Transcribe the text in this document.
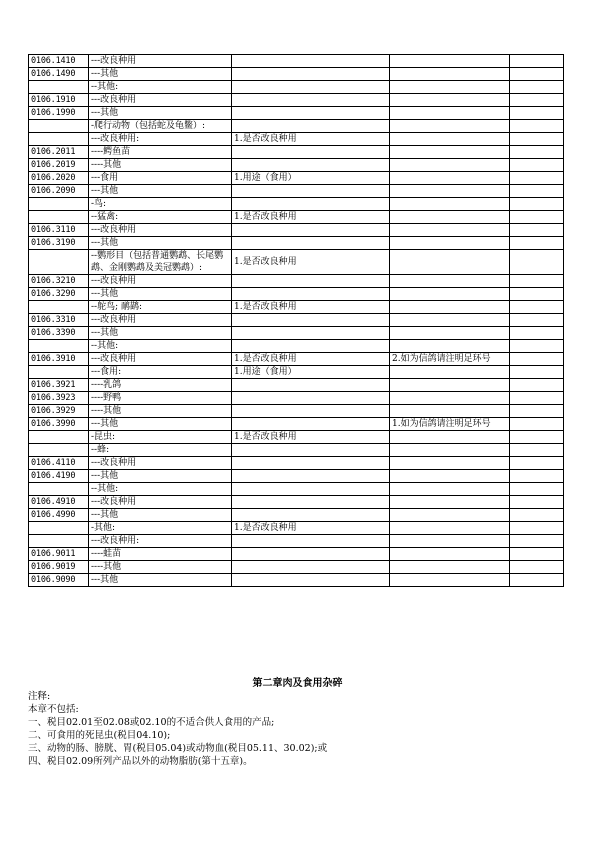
0106.1410	---改良种用			
0106.1490	---其他			
	--其他:			
0106.1910	---改良种用			
0106.1990	---其他			
	-爬行动物（包括蛇及龟鳖）:			
	---改良种用:	1.是否改良种用		
0106.2011	----鳄鱼苗			
0106.2019	----其他			
0106.2020	---食用	1.用途（食用）		
0106.2090	---其他			
	-鸟:			
	--猛禽:	1.是否改良种用		
0106.3110	---改良种用			
0106.3190	---其他			
	--鹦形目（包括普通鹦鹉、长尾鹦鹉、金刚鹦鹉及美冠鹦鹉）:	1.是否改良种用		
0106.3210	---改良种用			
0106.3290	---其他			
	--鸵鸟; 鸸鹋:	1.是否改良种用		
0106.3310	---改良种用			
0106.3390	---其他			
	--其他:			
0106.3910	---改良种用	1.是否改良种用	2.如为信鸽请注明足环号	
	---食用:	1.用途（食用）		
0106.3921	----乳鸽			
0106.3923	----野鸭			
0106.3929	----其他			
0106.3990	---其他		1.如为信鸽请注明足环号	
	-昆虫:	1.是否改良种用		
	--蜂:			
0106.4110	---改良种用			
0106.4190	---其他			
	--其他:			
0106.4910	---改良种用			
0106.4990	---其他			
	-其他:	1.是否改良种用		
	---改良种用:			
0106.9011	----蛙苗			
0106.9019	----其他			
0106.9090	---其他			
第二章肉及食用杂碎
注释:
本章不包括:
一、税目02.01至02.08或02.10的不适合供人食用的产品;
二、可食用的死昆虫(税目04.10);
三、动物的肠、膀胱、胃(税目05.04)或动物血(税目05.11、30.02);或
四、税目02.09所列产品以外的动物脂肪(第十五章)。
